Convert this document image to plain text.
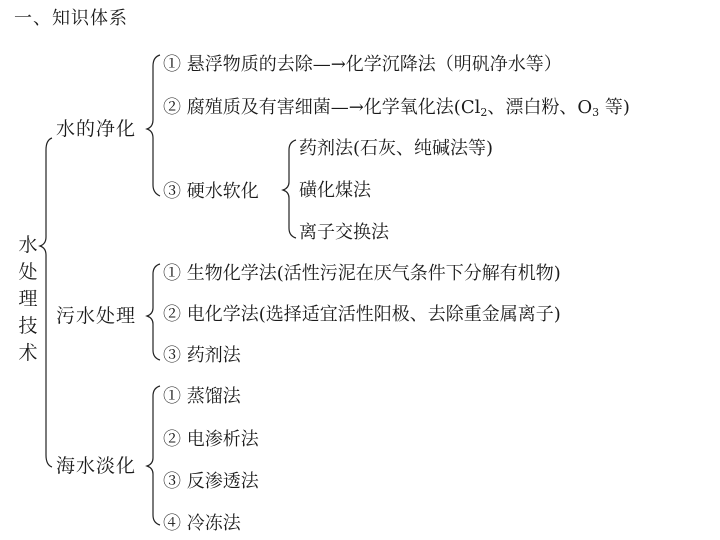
一、知识体系
水
处
理
技
术
水的净化
① 悬浮物质的去除—→化学沉降法（明矾净水等）
② 腐殖质及有害细菌—→化学氧化法($Cl_2$、漂白粉、$O_3$ 等)
③ 硬水软化
药剂法(石灰、纯碱法等)
磺化煤法
离子交换法
污水处理
① 生物化学法(活性污泥在厌气条件下分解有机物)
② 电化学法(选择适宜活性阳极、去除重金属离子)
③ 药剂法
海水淡化
① 蒸馏法
② 电渗析法
③ 反渗透法
④ 冷冻法
